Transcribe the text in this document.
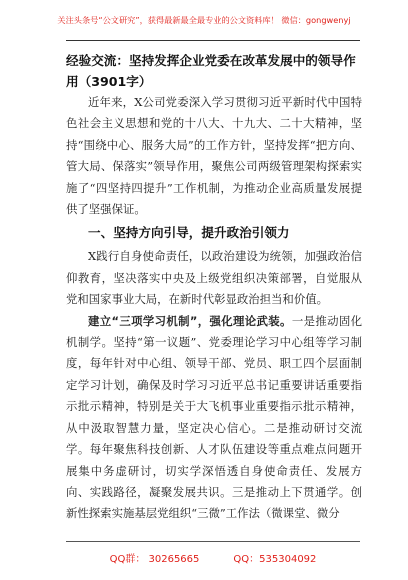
关注头条号“公文研究”，获得最新最全最专业的公文资料库！ 微信：gongwenyj

经验交流：坚持发挥企业党委在改革发展中的领导作用（3901字）

近年来，X公司党委深入学习贯彻习近平新时代中国特色社会主义思想和党的十八大、十九大、二十大精神，坚持“围绕中心、服务大局”的工作方针，坚持发挥“把方向、管大局、保落实”领导作用，聚焦公司两级管理架构探索实施了“四坚持四提升”工作机制，为推动企业高质量发展提供了坚强保证。

一、坚持方向引导，提升政治引领力

X践行自身使命责任，以政治建设为统领，加强政治信仰教育，坚决落实中央及上级党组织决策部署，自觉服从党和国家事业大局，在新时代彰显政治担当和价值。

建立“三项学习机制”，强化理论武装。一是推动固化机制学。坚持“第一议题”、党委理论学习中心组等学习制度，每年针对中心组、领导干部、党员、职工四个层面制定学习计划，确保及时学习习近平总书记重要讲话重要指示批示精神，特别是关于大飞机事业重要指示批示精神，从中汲取智慧力量，坚定决心信心。二是推动研讨交流学。每年聚焦科技创新、人才队伍建设等重点难点问题开展集中务虚研讨，切实学深悟透自身使命责任、发展方向、实践路径，凝聚发展共识。三是推动上下贯通学。创新性探索实施基层党组织“三微”工作法（微课堂、微分

QQ群： 30265665	QQ：535304092
